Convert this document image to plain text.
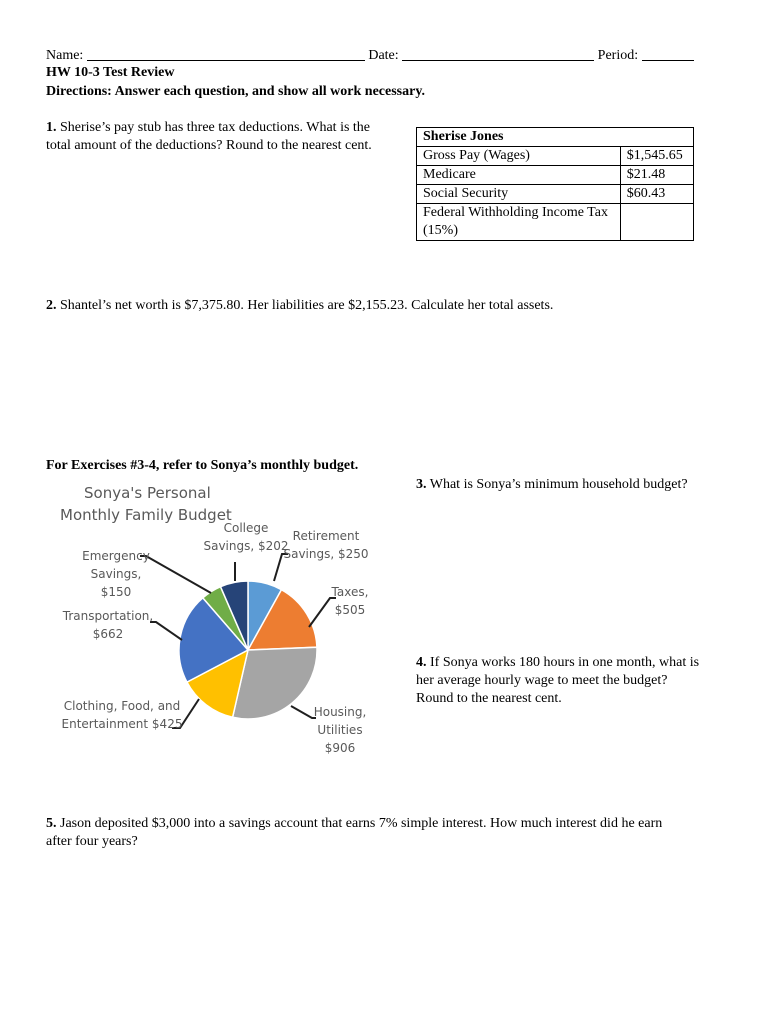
Name:	Date:	Period:
HW 10-3 Test Review
Directions: Answer each question, and show all work necessary.
1. Sherise’s pay stub has three tax deductions. What is the
total amount of the deductions? Round to the nearest cent.
Sherise Jones	
Gross Pay (Wages)	$1,545.65
Medicare	$21.48
Social Security	$60.43
Federal Withholding Income Tax (15%)	
2. Shantel’s net worth is $7,375.80. Her liabilities are $2,155.23. Calculate her total assets.
For Exercises #3-4, refer to Sonya’s monthly budget.
3. What is Sonya’s minimum household budget?
4. If Sonya works 180 hours in one month, what is
her average hourly wage to meet the budget?
Round to the nearest cent.
5. Jason deposited $3,000 into a savings account that earns 7% simple interest. How much interest did he earn
after four years?
Sonya's Personal
Monthly Family Budget
Retirement Savings, $250
Taxes, $505
Housing, Utilities $906
Clothing, Food, and Entertainment $425
Transportation, $662
Emergency Savings, $150
College Savings, $202
